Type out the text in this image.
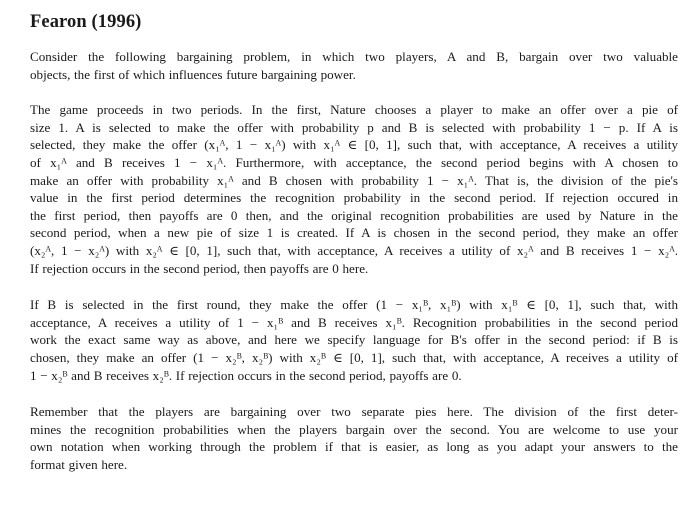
Fearon (1996)
Consider the following bargaining problem, in which two players, A and B, bargain over two valuable
objects, the first of which influences future bargaining power.
The game proceeds in two periods. In the first, Nature chooses a player to make an offer over a pie of
size 1. A is selected to make the offer with probability p and B is selected with probability 1 − p. If A is
selected, they make the offer (x₁ᴬ, 1 − x₁ᴬ) with x₁ᴬ ∈ [0, 1], such that, with acceptance, A receives a utility
of x₁ᴬ and B receives 1 − x₁ᴬ. Furthermore, with acceptance, the second period begins with A chosen to
make an offer with probability x₁ᴬ and B chosen with probability 1 − x₁ᴬ. That is, the division of the pie's
value in the first period determines the recognition probability in the second period. If rejection occured in
the first period, then payoffs are 0 then, and the original recognition probabilities are used by Nature in the
second period, when a new pie of size 1 is created. If A is chosen in the second period, they make an offer
(x₂ᴬ, 1 − x₂ᴬ) with x₂ᴬ ∈ [0, 1], such that, with acceptance, A receives a utility of x₂ᴬ and B receives 1 − x₂ᴬ.
If rejection occurs in the second period, then payoffs are 0 here.
If B is selected in the first round, they make the offer (1 − x₁ᴮ, x₁ᴮ) with x₁ᴮ ∈ [0, 1], such that, with
acceptance, A receives a utility of 1 − x₁ᴮ and B receives x₁ᴮ. Recognition probabilities in the second period
work the exact same way as above, and here we specify language for B's offer in the second period: if B is
chosen, they make an offer (1 − x₂ᴮ, x₂ᴮ) with x₂ᴮ ∈ [0, 1], such that, with acceptance, A receives a utility of
1 − x₂ᴮ and B receives x₂ᴮ. If rejection occurs in the second period, payoffs are 0.
Remember that the players are bargaining over two separate pies here. The division of the first deter-
mines the recognition probabilities when the players bargain over the second. You are welcome to use your
own notation when working through the problem if that is easier, as long as you adapt your answers to the
format given here.
